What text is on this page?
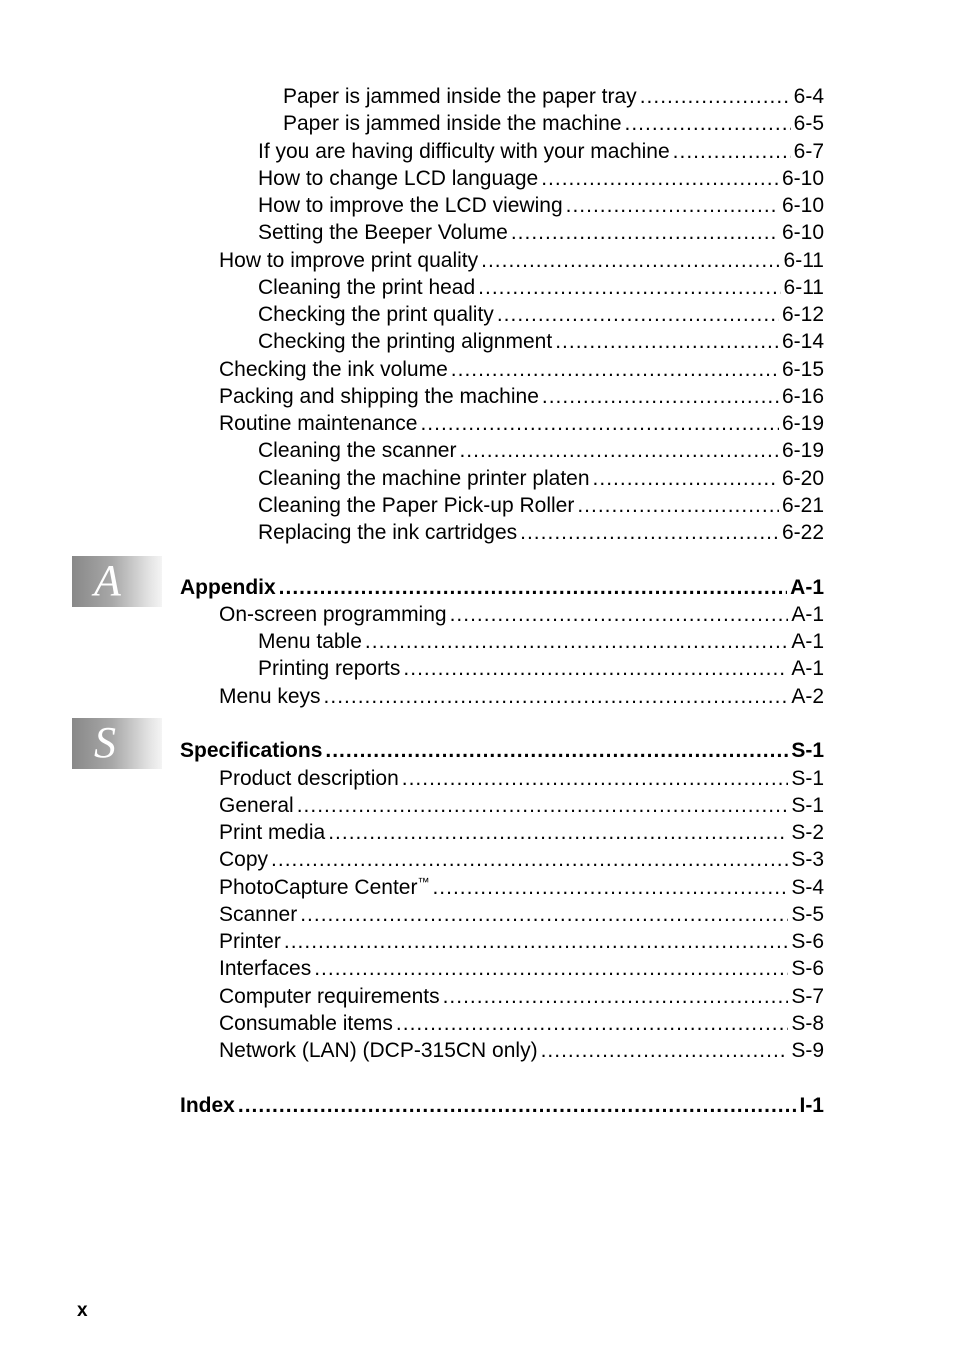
Paper is jammed inside the paper tray .....	6-4
Paper is jammed inside the machine .....	6-5
If you are having difficulty with your machine .....	6-7
How to change LCD language .....	6-10
How to improve the LCD viewing .....	6-10
Setting the Beeper Volume .....	6-10
How to improve print quality .....	6-11
Cleaning the print head .....	6-11
Checking the print quality .....	6-12
Checking the printing alignment .....	6-14
Checking the ink volume .....	6-15
Packing and shipping the machine .....	6-16
Routine maintenance .....	6-19
Cleaning the scanner .....	6-19
Cleaning the machine printer platen .....	6-20
Cleaning the Paper Pick-up Roller .....	6-21
Replacing the ink cartridges .....	6-22
Appendix .....	A-1
On-screen programming .....	A-1
Menu table .....	A-1
Printing reports .....	A-1
Menu keys .....	A-2
Specifications .....	S-1
Product description .....	S-1
General .....	S-1
Print media .....	S-2
Copy .....	S-3
PhotoCapture Center™ .....	S-4
Scanner .....	S-5
Printer .....	S-6
Interfaces .....	S-6
Computer requirements .....	S-7
Consumable items .....	S-8
Network (LAN) (DCP-315CN only) .....	S-9
Index .....	I-1
A
S
x
